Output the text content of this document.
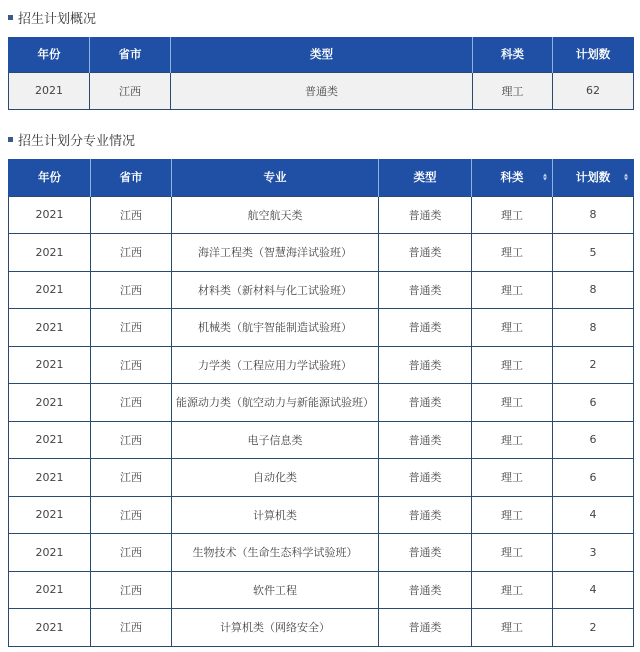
招生计划概况
年份	省市	类型	科类	计划数
2021	江西	普通类	理工	62
招生计划分专业情况
年份	省市	专业	类型	科类	计划数

2021	江西	航空航天类	普通类	理工	8
2021	江西	海洋工程类（智慧海洋试验班）	普通类	理工	5
2021	江西	材料类（新材料与化工试验班）	普通类	理工	8
2021	江西	机械类（航宇智能制造试验班）	普通类	理工	8
2021	江西	力学类（工程应用力学试验班）	普通类	理工	2
2021	江西	能源动力类（航空动力与新能源试验班）	普通类	理工	6
2021	江西	电子信息类	普通类	理工	6
2021	江西	自动化类	普通类	理工	6
2021	江西	计算机类	普通类	理工	4
2021	江西	生物技术（生命生态科学试验班）	普通类	理工	3
2021	江西	软件工程	普通类	理工	4
2021	江西	计算机类（网络安全）	普通类	理工	2
